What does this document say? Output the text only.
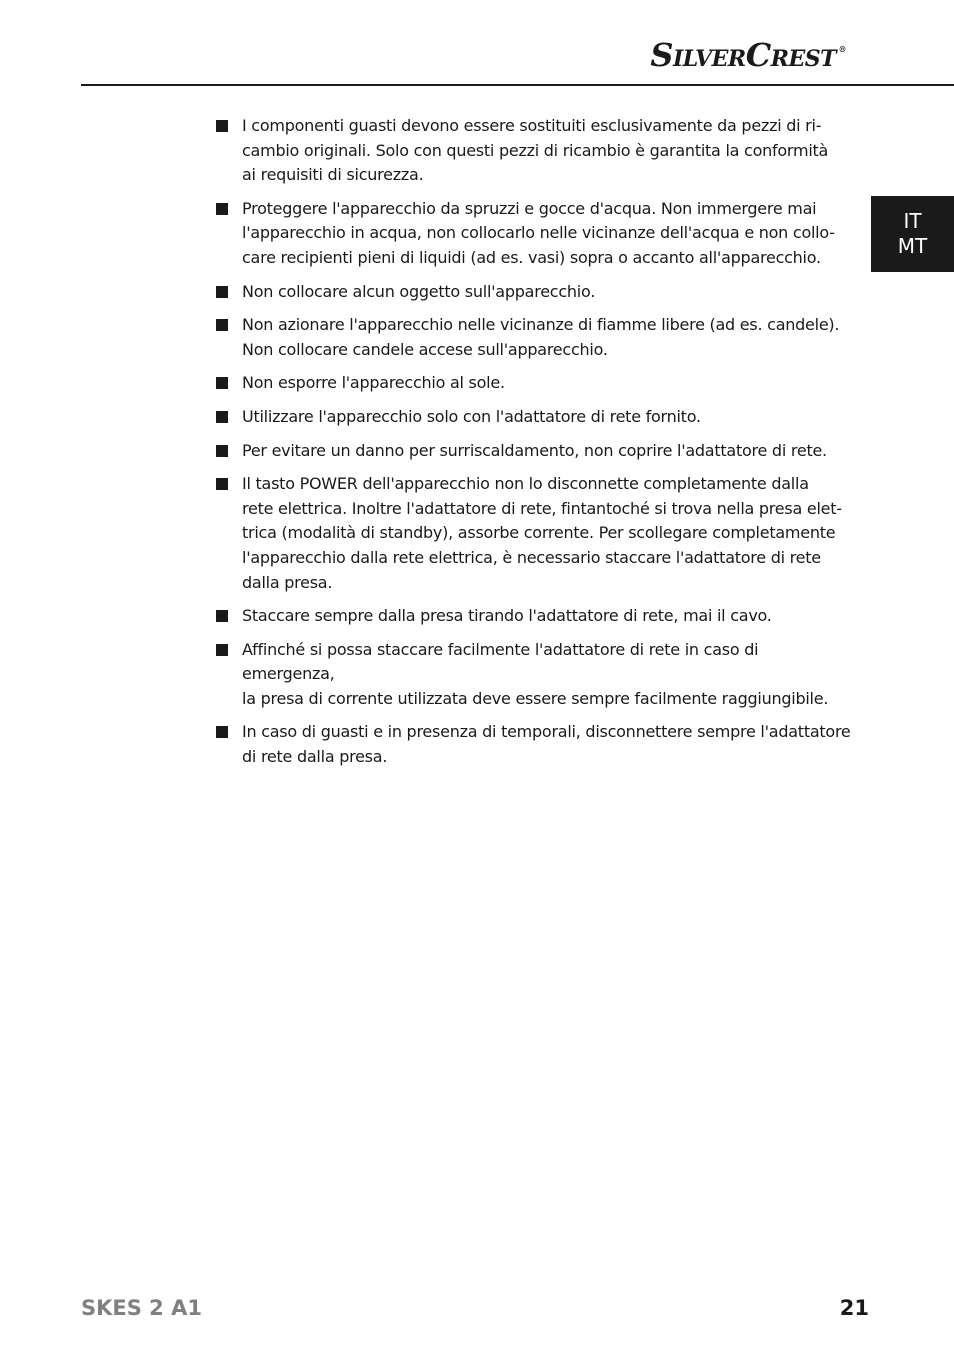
SILVERCREST ®
IT
MT
I componenti guasti devono essere sostituiti esclusivamente da pezzi di ri-
cambio originali. Solo con questi pezzi di ricambio è garantita la conformità
ai requisiti di sicurezza.
Proteggere l'apparecchio da spruzzi e gocce d'acqua. Non immergere mai
l'apparecchio in acqua, non collocarlo nelle vicinanze dell'acqua e non collo-
care recipienti pieni di liquidi (ad es. vasi) sopra o accanto all'apparecchio.
Non collocare alcun oggetto sull'apparecchio.
Non azionare l'apparecchio nelle vicinanze di fiamme libere (ad es. candele).
Non collocare candele accese sull'apparecchio.
Non esporre l'apparecchio al sole.
Utilizzare l'apparecchio solo con l'adattatore di rete fornito.
Per evitare un danno per surriscaldamento, non coprire l'adattatore di rete.
Il tasto POWER dell'apparecchio non lo disconnette completamente dalla
rete elettrica. Inoltre l'adattatore di rete, fintantoché si trova nella presa elet-
trica (modalità di standby), assorbe corrente. Per scollegare completamente
l'apparecchio dalla rete elettrica, è necessario staccare l'adattatore di rete
dalla presa.
Staccare sempre dalla presa tirando l'adattatore di rete, mai il cavo.
Affinché si possa staccare facilmente l'adattatore di rete in caso di emergenza,
la presa di corrente utilizzata deve essere sempre facilmente raggiungibile.
In caso di guasti e in presenza di temporali, disconnettere sempre l'adattatore
di rete dalla presa.
SKES 2 A1	21
